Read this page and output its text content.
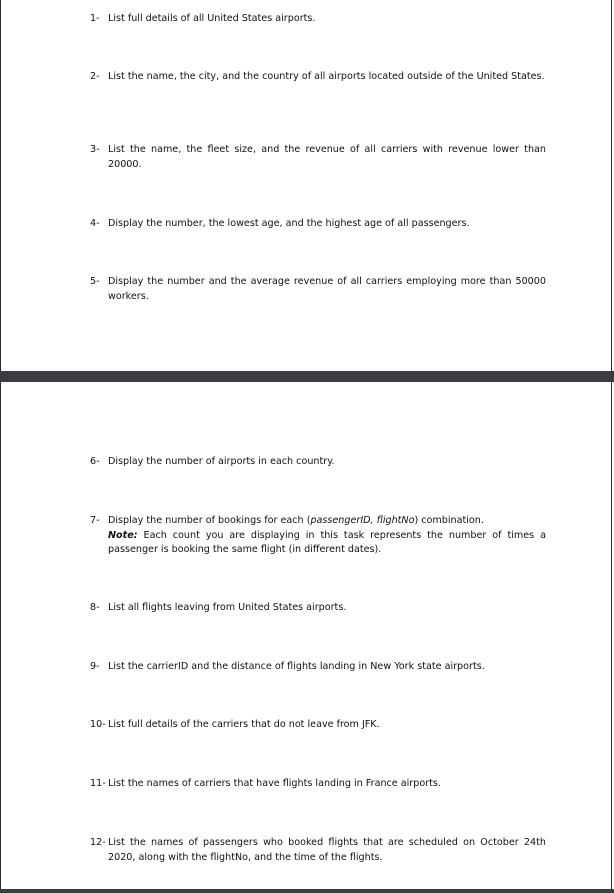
1- List full details of all United States airports.
2- List the name, the city, and the country of all airports located outside of the United States.
3- List the name, the fleet size, and the revenue of all carriers with revenue lower than 20000.
4- Display the number, the lowest age, and the highest age of all passengers.
5- Display the number and the average revenue of all carriers employing more than 50000 workers.
6- Display the number of airports in each country.
7- Display the number of bookings for each (passengerID, flightNo) combination.
Note: Each count you are displaying in this task represents the number of times a passenger is booking the same flight (in different dates).
8- List all flights leaving from United States airports.
9- List the carrierID and the distance of flights landing in New York state airports.
10- List full details of the carriers that do not leave from JFK.
11- List the names of carriers that have flights landing in France airports.
12- List the names of passengers who booked flights that are scheduled on October 24th 2020, along with the flightNo, and the time of the flights.
